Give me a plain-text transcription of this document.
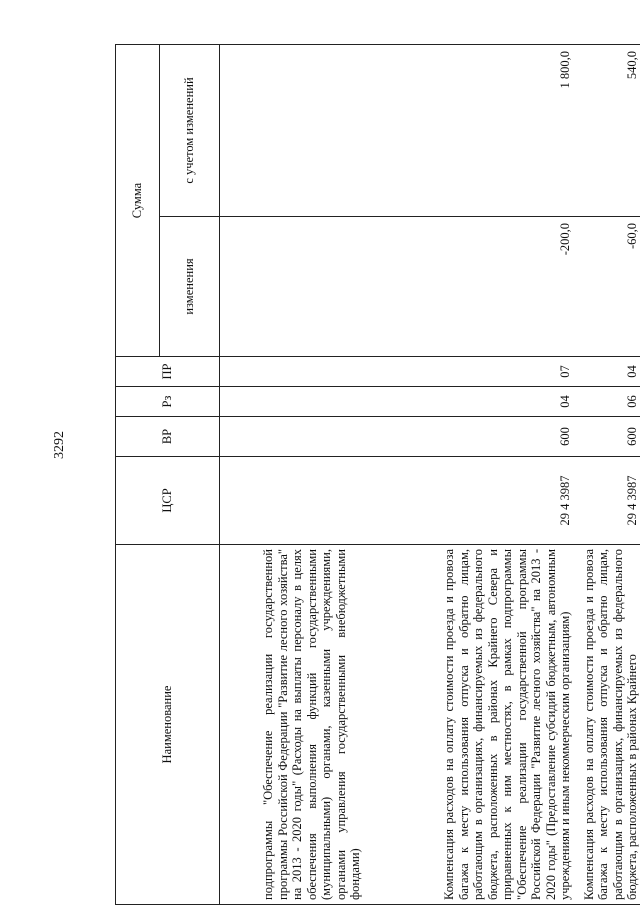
3292
Наименование	ЦСР	ВР	Рз	ПР	Сумма	
					изменения	с учетом изменений
подпрограммы "Обеспечение реализации государственной программы Российской Федерации "Развитие лесного хозяйства" на 2013 - 2020 годы" (Расходы на выплаты персоналу в целях обеспечения выполнения функций государственными (муниципальными) органами, казенными учреждениями, органами управления государственными внебюджетными фондами)						
Компенсация расходов на оплату стоимости проезда и провоза багажа к месту использования отпуска и обратно лицам, работающим в организациях, финансируемых из федерального бюджета, расположенных в районах Крайнего Севера и приравненных к ним местностях, в рамках подпрограммы "Обеспечение реализации государственной программы Российской Федерации "Развитие лесного хозяйства" на 2013 - 2020 годы" (Предоставление субсидий бюджетным, автономным учреждениям и иным некоммерческим организациям)	29 4 3987	600	04	07	-200,0	1 800,0
Компенсация расходов на оплату стоимости проезда и провоза багажа к месту использования отпуска и обратно лицам, работающим в организациях, финансируемых из федерального бюджета, расположенных в районах Крайнего	29 4 3987	600	06	04	-60,0	540,0
